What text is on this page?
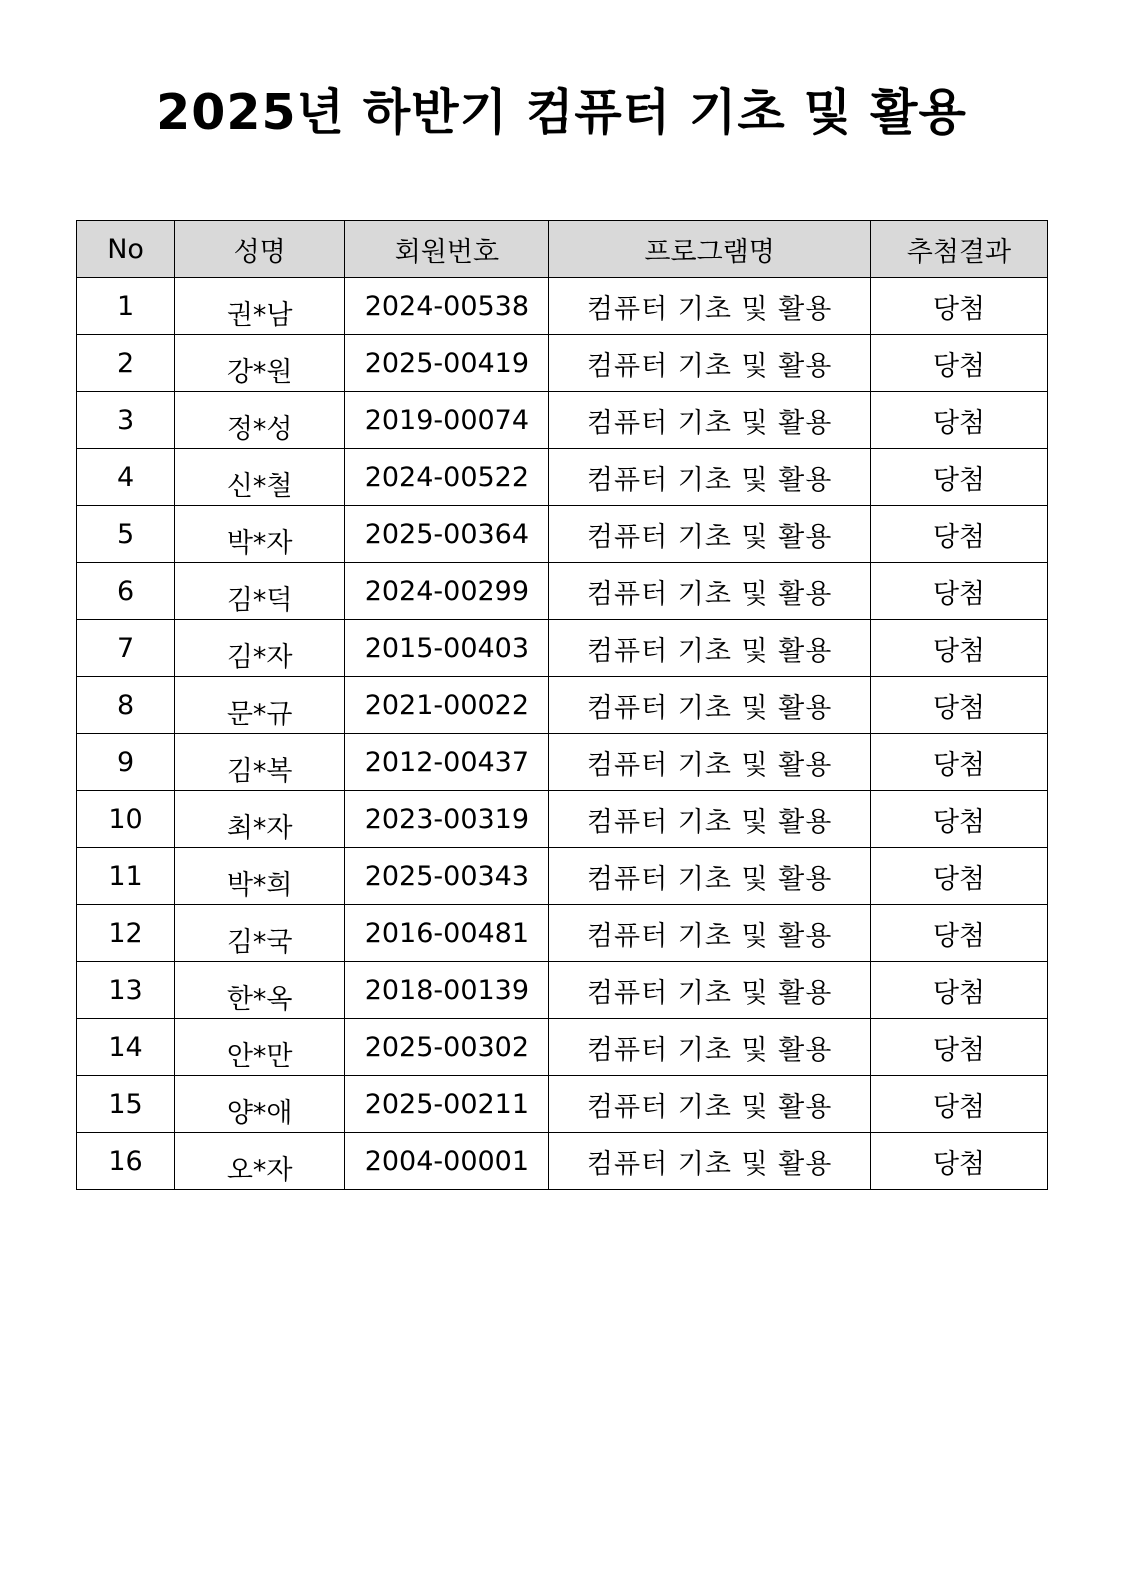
2025년 하반기 컴퓨터 기초 및 활용
No	성명	회원번호	프로그램명	추첨결과
1	권*남	2024-00538	컴퓨터 기초 및 활용	당첨
2	강*원	2025-00419	컴퓨터 기초 및 활용	당첨
3	정*성	2019-00074	컴퓨터 기초 및 활용	당첨
4	신*철	2024-00522	컴퓨터 기초 및 활용	당첨
5	박*자	2025-00364	컴퓨터 기초 및 활용	당첨
6	김*덕	2024-00299	컴퓨터 기초 및 활용	당첨
7	김*자	2015-00403	컴퓨터 기초 및 활용	당첨
8	문*규	2021-00022	컴퓨터 기초 및 활용	당첨
9	김*복	2012-00437	컴퓨터 기초 및 활용	당첨
10	최*자	2023-00319	컴퓨터 기초 및 활용	당첨
11	박*희	2025-00343	컴퓨터 기초 및 활용	당첨
12	김*국	2016-00481	컴퓨터 기초 및 활용	당첨
13	한*옥	2018-00139	컴퓨터 기초 및 활용	당첨
14	안*만	2025-00302	컴퓨터 기초 및 활용	당첨
15	양*애	2025-00211	컴퓨터 기초 및 활용	당첨
16	오*자	2004-00001	컴퓨터 기초 및 활용	당첨
